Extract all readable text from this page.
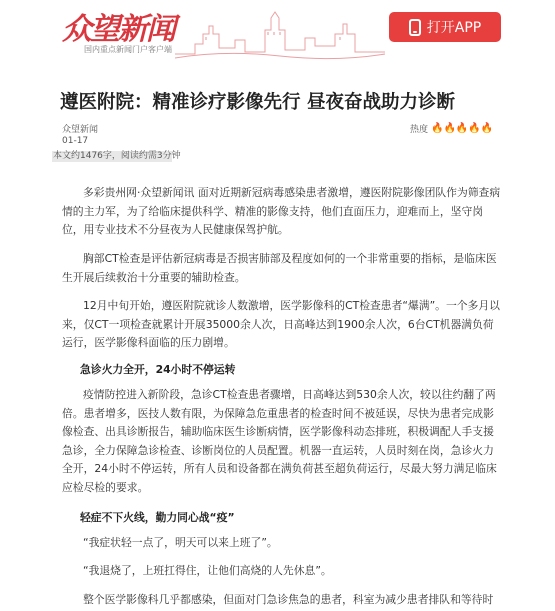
众望新闻
国内重点新闻门户客户端
打开APP
遵医附院：精准诊疗影像先行 昼夜奋战助力诊断
众望新闻
01-17
热度 🔥🔥🔥🔥🔥
本文约1476字，阅读约需3分钟

多彩贵州网·众望新闻讯 面对近期新冠病毒感染患者激增，遵医附院影像团队作为筛查病情的主力军，为了给临床提供科学、精准的影像支持，他们直面压力，迎难而上，坚守岗位，用专业技术不分昼夜为人民健康保驾护航。

胸部CT检查是评估新冠病毒是否损害肺部及程度如何的一个非常重要的指标，是临床医生开展后续救治十分重要的辅助检查。

12月中旬开始，遵医附院就诊人数激增，医学影像科的CT检查患者“爆满”。一个多月以来，仅CT一项检查就累计开展35000余人次，日高峰达到1900余人次，6台CT机器满负荷运行，医学影像科面临的压力剧增。

急诊火力全开，24小时不停运转

疫情防控进入新阶段，急诊CT检查患者骤增，日高峰达到530余人次，较以往约翻了两倍。患者增多，医技人数有限，为保障急危重患者的检查时间不被延误，尽快为患者完成影像检查、出具诊断报告，辅助临床医生诊断病情，医学影像科动态排班，积极调配人手支援急诊，全力保障急诊检查、诊断岗位的人员配置。机器一直运转，人员时刻在岗，急诊火力全开，24小时不停运转，所有人员和设备都在满负荷甚至超负荷运行，尽最大努力满足临床应检尽检的要求。

轻症不下火线，勤力同心战“疫”

“我症状轻一点了，明天可以来上班了”。

“我退烧了，上班扛得住，让他们高烧的人先休息”。

整个医学影像科几乎都感染，但面对门急诊焦急的患者，科室为减少患者排队和等待时
